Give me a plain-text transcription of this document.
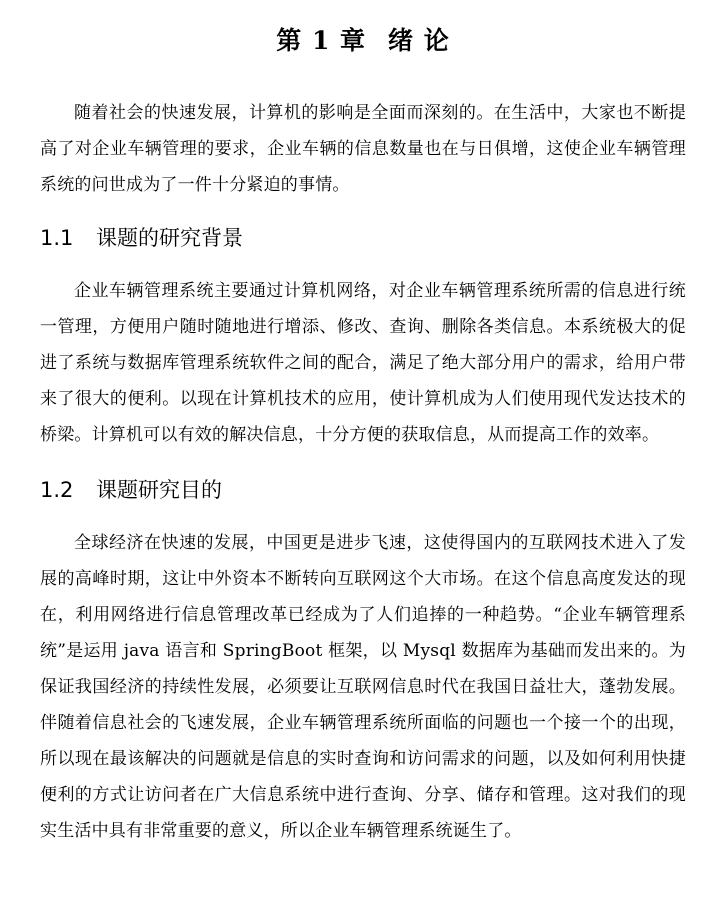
第 1 章 绪 论

随着社会的快速发展，计算机的影响是全面而深刻的。在生活中，大家也不断提高了对企业车辆管理的要求，企业车辆的信息数量也在与日俱增，这使企业车辆管理系统的问世成为了一件十分紧迫的事情。

1.1 课题的研究背景

企业车辆管理系统主要通过计算机网络，对企业车辆管理系统所需的信息进行统一管理，方便用户随时随地进行增添、修改、查询、删除各类信息。本系统极大的促进了系统与数据库管理系统软件之间的配合，满足了绝大部分用户的需求，给用户带来了很大的便利。以现在计算机技术的应用，使计算机成为人们使用现代发达技术的桥梁。计算机可以有效的解决信息，十分方便的获取信息，从而提高工作的效率。

1.2 课题研究目的

全球经济在快速的发展，中国更是进步飞速，这使得国内的互联网技术进入了发展的高峰时期，这让中外资本不断转向互联网这个大市场。在这个信息高度发达的现在，利用网络进行信息管理改革已经成为了人们追捧的一种趋势。“企业车辆管理系统”是运用 java 语言和 SpringBoot 框架，以 Mysql 数据库为基础而发出来的。为保证我国经济的持续性发展，必须要让互联网信息时代在我国日益壮大，蓬勃发展。伴随着信息社会的飞速发展，企业车辆管理系统所面临的问题也一个接一个的出现，所以现在最该解决的问题就是信息的实时查询和访问需求的问题，以及如何利用快捷便利的方式让访问者在广大信息系统中进行查询、分享、储存和管理。这对我们的现实生活中具有非常重要的意义，所以企业车辆管理系统诞生了。
